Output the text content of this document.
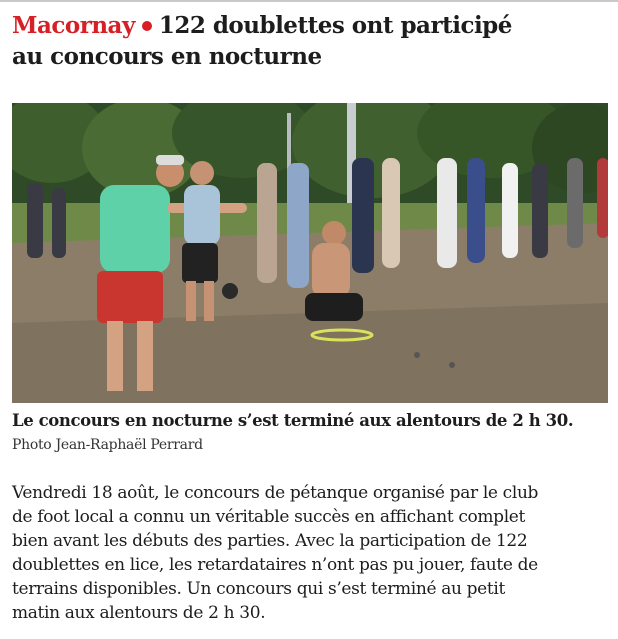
Macornay 122 doublettes ont participé
au concours en nocturne

Le concours en nocturne s’est terminé aux alentours de 2 h 30.

Photo Jean-Raphaël Perrard

Vendredi 18 août, le concours de pétanque organisé par le club
de foot local a connu un véritable succès en affichant complet
bien avant les débuts des parties. Avec la participation de 122
doublettes en lice, les retardataires n’ont pas pu jouer, faute de
terrains disponibles. Un concours qui s’est terminé au petit
matin aux alentours de 2 h 30.
